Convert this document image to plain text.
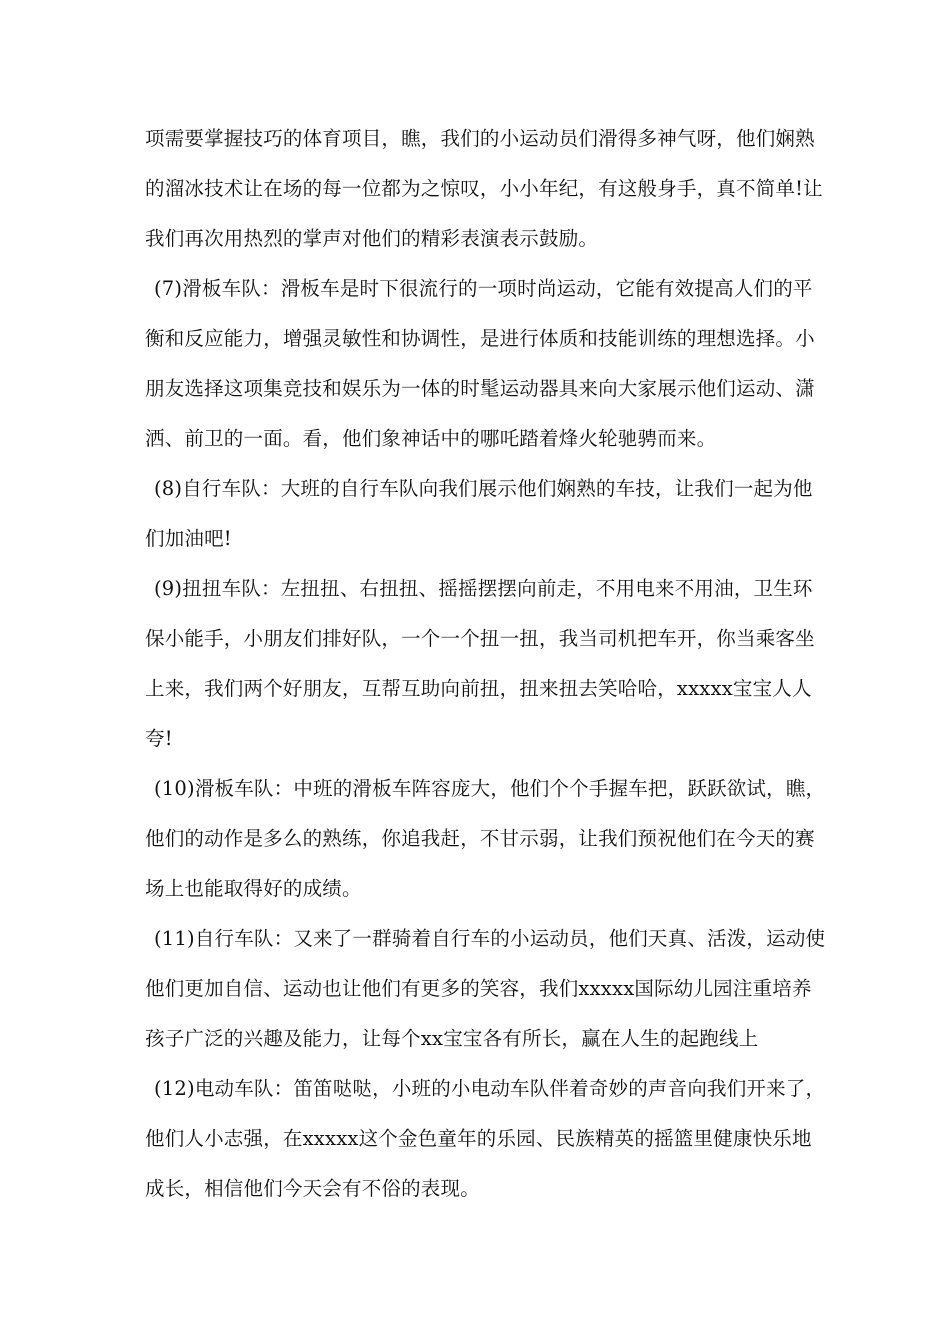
项需要掌握技巧的体育项目，瞧，我们的小运动员们滑得多神气呀，他们娴熟
的溜冰技术让在场的每一位都为之惊叹，小小年纪，有这般身手，真不简单!让
我们再次用热烈的掌声对他们的精彩表演表示鼓励。
(7)滑板车队：滑板车是时下很流行的一项时尚运动，它能有效提高人们的平
衡和反应能力，增强灵敏性和协调性，是进行体质和技能训练的理想选择。小
朋友选择这项集竞技和娱乐为一体的时髦运动器具来向大家展示他们运动、潇
洒、前卫的一面。看，他们象神话中的哪吒踏着烽火轮驰骋而来。
(8)自行车队：大班的自行车队向我们展示他们娴熟的车技，让我们一起为他
们加油吧!
(9)扭扭车队：左扭扭、右扭扭、摇摇摆摆向前走，不用电来不用油，卫生环
保小能手，小朋友们排好队，一个一个扭一扭，我当司机把车开，你当乘客坐
上来，我们两个好朋友，互帮互助向前扭，扭来扭去笑哈哈，xxxxx宝宝人人
夸!
(10)滑板车队：中班的滑板车阵容庞大，他们个个手握车把，跃跃欲试，瞧，
他们的动作是多么的熟练，你追我赶，不甘示弱，让我们预祝他们在今天的赛
场上也能取得好的成绩。
(11)自行车队：又来了一群骑着自行车的小运动员，他们天真、活泼，运动使
他们更加自信、运动也让他们有更多的笑容，我们xxxxx国际幼儿园注重培养
孩子广泛的兴趣及能力，让每个xx宝宝各有所长，赢在人生的起跑线上
(12)电动车队：笛笛哒哒，小班的小电动车队伴着奇妙的声音向我们开来了，
他们人小志强，在xxxxx这个金色童年的乐园、民族精英的摇篮里健康快乐地
成长，相信他们今天会有不俗的表现。
